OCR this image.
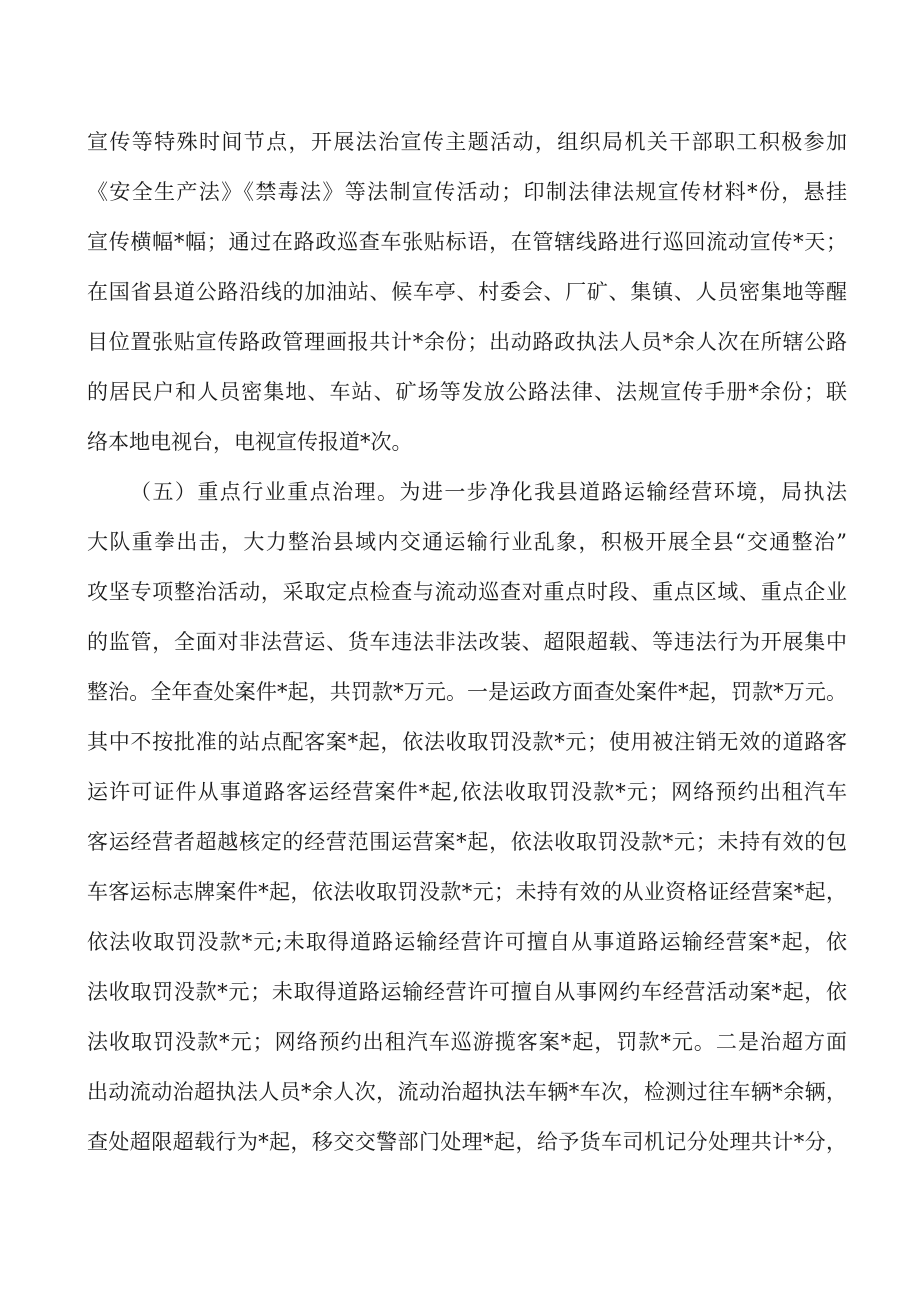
宣传等特殊时间节点，开展法治宣传主题活动，组织局机关干部职工积极参加
《安全生产法》《禁毒法》等法制宣传活动；印制法律法规宣传材料*份，悬挂
宣传横幅*幅；通过在路政巡查车张贴标语，在管辖线路进行巡回流动宣传*天；
在国省县道公路沿线的加油站、候车亭、村委会、厂矿、集镇、人员密集地等醒
目位置张贴宣传路政管理画报共计*余份；出动路政执法人员*余人次在所辖公路
的居民户和人员密集地、车站、矿场等发放公路法律、法规宣传手册*余份；联
络本地电视台，电视宣传报道*次。
（五）重点行业重点治理。为进一步净化我县道路运输经营环境，局执法
大队重拳出击，大力整治县域内交通运输行业乱象，积极开展全县“交通整治”
攻坚专项整治活动，采取定点检查与流动巡查对重点时段、重点区域、重点企业
的监管，全面对非法营运、货车违法非法改装、超限超载、等违法行为开展集中
整治。全年查处案件*起，共罚款*万元。一是运政方面查处案件*起，罚款*万元。
其中不按批准的站点配客案*起，依法收取罚没款*元；使用被注销无效的道路客
运许可证件从事道路客运经营案件*起,依法收取罚没款*元；网络预约出租汽车
客运经营者超越核定的经营范围运营案*起，依法收取罚没款*元；未持有效的包
车客运标志牌案件*起，依法收取罚没款*元；未持有效的从业资格证经营案*起，
依法收取罚没款*元;未取得道路运输经营许可擅自从事道路运输经营案*起，依
法收取罚没款*元；未取得道路运输经营许可擅自从事网约车经营活动案*起，依
法收取罚没款*元；网络预约出租汽车巡游揽客案*起，罚款*元。二是治超方面
出动流动治超执法人员*余人次，流动治超执法车辆*车次，检测过往车辆*余辆，
查处超限超载行为*起，移交交警部门处理*起，给予货车司机记分处理共计*分，
